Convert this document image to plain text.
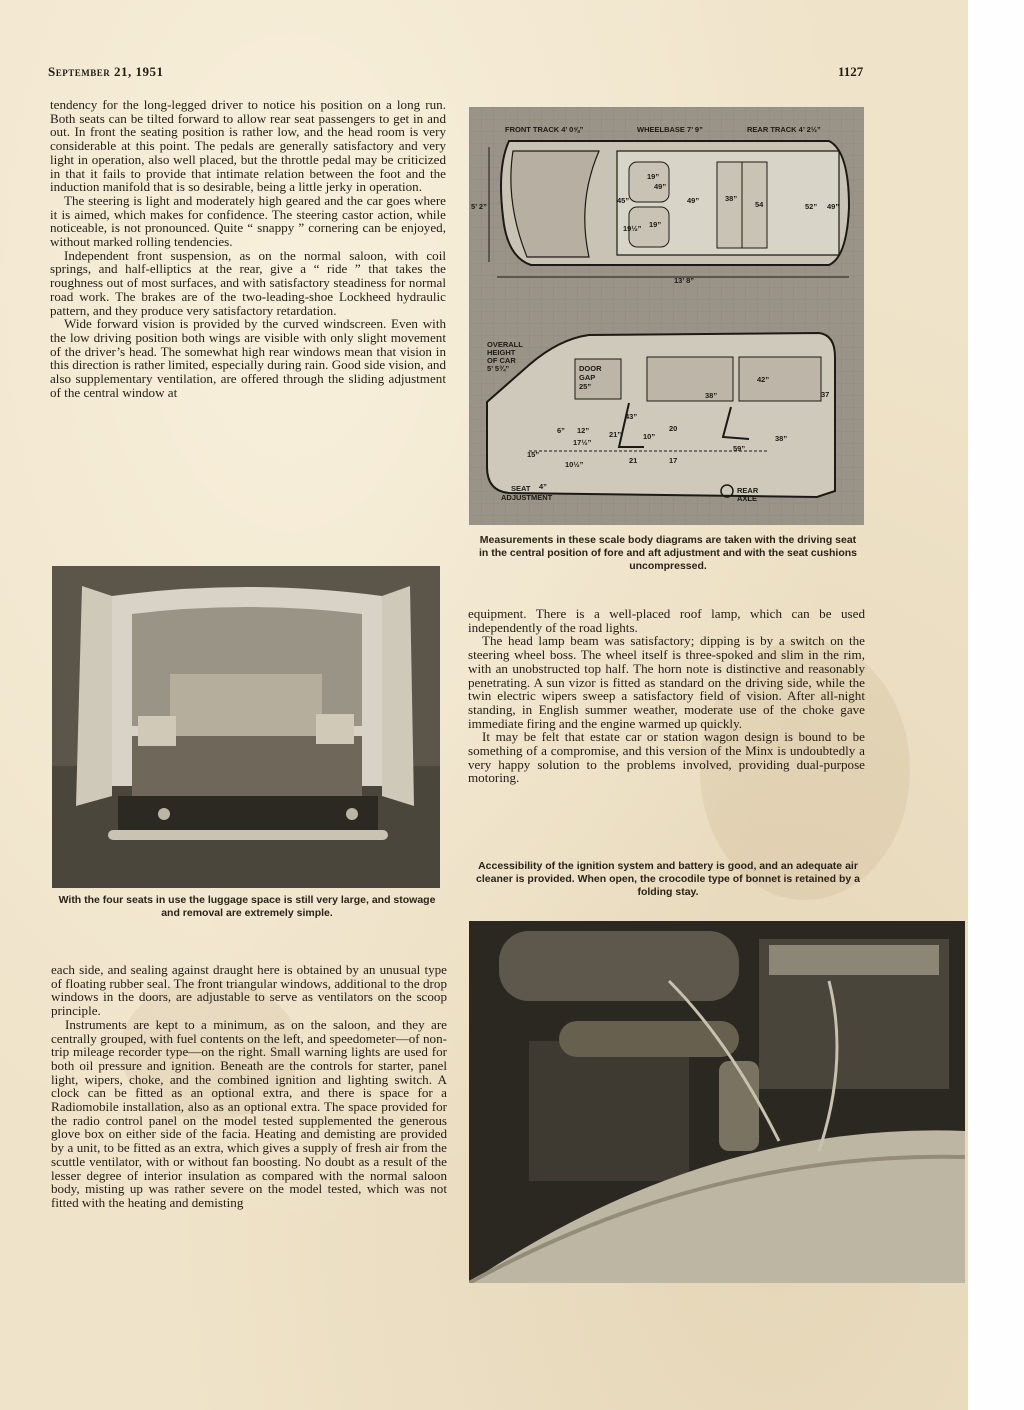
September 21, 1951	1127

tendency for the long-legged driver to notice his position on a long run. Both seats can be tilted forward to allow rear seat passengers to get in and out. In front the seating position is rather low, and the head room is very considerable at this point. The pedals are generally satisfactory and very light in operation, also well placed, but the throttle pedal may be criticized in that it fails to provide that intimate relation between the foot and the induction manifold that is so desirable, being a little jerky in operation.

The steering is light and moderately high geared and the car goes where it is aimed, which makes for confidence. The steering castor action, while noticeable, is not pronounced. Quite “ snappy ” cornering can be enjoyed, without marked rolling tendencies.

Independent front suspension, as on the normal saloon, with coil springs, and half-elliptics at the rear, give a “ ride ” that takes the roughness out of most surfaces, and with satisfactory steadiness for normal road work. The brakes are of the two-leading-shoe Lockheed hydraulic pattern, and they produce very satisfactory retardation.

Wide forward vision is provided by the curved windscreen. Even with the low driving position both wings are visible with only slight movement of the driver’s head. The somewhat high rear windows mean that vision in this direction is rather limited, especially during rain. Good side vision, and also supplementary ventilation, are offered through the sliding adjustment of the central window at

FRONT TRACK 4’ 0⅝”	WHEELBASE 7’ 9”	REAR TRACK 4’ 2½”
5’ 2”
13’ 8”
19”
49”
45”	49”	38”
54	52” 49”
19½” 19”
OVERALL
HEIGHT
OF CAR
5’ 5¾”	DOOR
GAP
25”
38”
42”
37
43”
6” 12”
17½”
21”	10”
20
59”
38”
15”
10½”	21	17
SEAT 4”
ADJUSTMENT
REAR
AXLE
Measurements in these scale body diagrams are taken with the driving seat in the central position of fore and aft adjustment and with the seat cushions uncompressed.
With the four seats in use the luggage space is still very large, and stowage and removal are extremely simple.

equipment. There is a well-placed roof lamp, which can be used independently of the road lights.

The head lamp beam was satisfactory; dipping is by a switch on the steering wheel boss. The wheel itself is three-spoked and slim in the rim, with an unobstructed top half. The horn note is distinctive and reasonably penetrating. A sun vizor is fitted as standard on the driving side, while the twin electric wipers sweep a satisfactory field of vision. After all-night standing, in English summer weather, moderate use of the choke gave immediate firing and the engine warmed up quickly.

It may be felt that estate car or station wagon design is bound to be something of a compromise, and this version of the Minx is undoubtedly a very happy solution to the problems involved, providing dual-purpose motoring.

Accessibility of the ignition system and battery is good, and an adequate air cleaner is provided. When open, the crocodile type of bonnet is retained by a folding stay.

each side, and sealing against draught here is obtained by an unusual type of floating rubber seal. The front triangular windows, additional to the drop windows in the doors, are adjustable to serve as ventilators on the scoop principle.

Instruments are kept to a minimum, as on the saloon, and they are centrally grouped, with fuel contents on the left, and speedometer—of non-trip mileage recorder type—on the right. Small warning lights are used for both oil pressure and ignition. Beneath are the controls for starter, panel light, wipers, choke, and the combined ignition and lighting switch. A clock can be fitted as an optional extra, and there is space for a Radiomobile installation, also as an optional extra. The space provided for the radio control panel on the model tested supplemented the generous glove box on either side of the facia. Heating and demisting are provided by a unit, to be fitted as an extra, which gives a supply of fresh air from the scuttle ventilator, with or without fan boosting. No doubt as a result of the lesser degree of interior insulation as compared with the normal saloon body, misting up was rather severe on the model tested, which was not fitted with the heating and demisting
